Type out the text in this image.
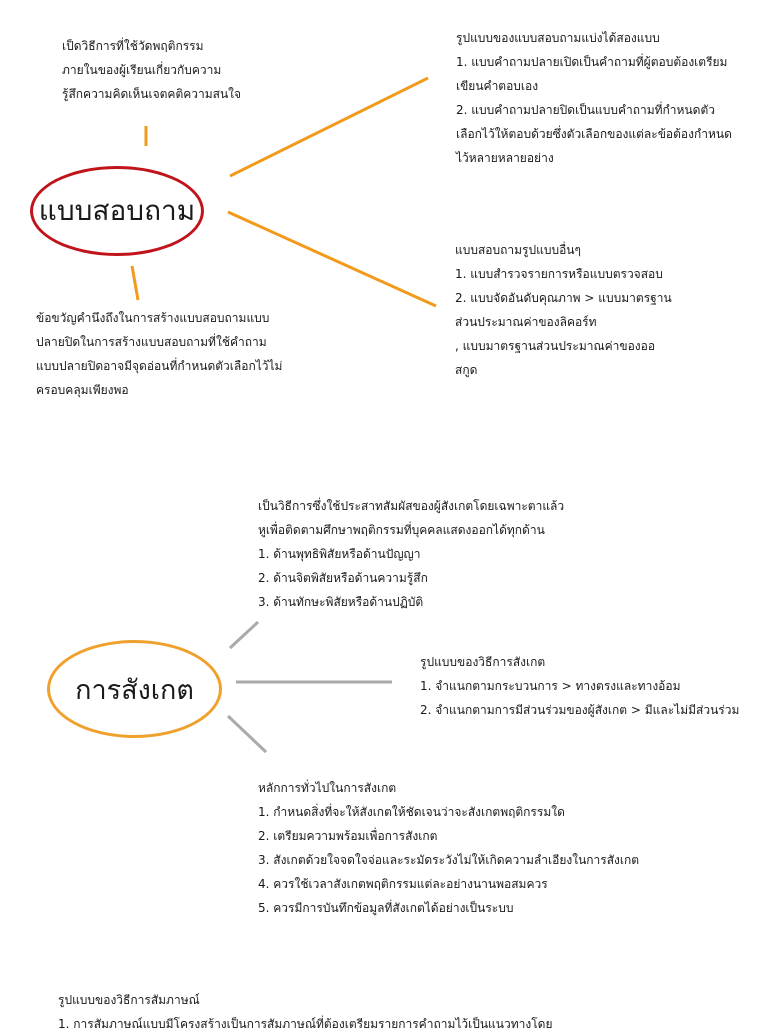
แบบสอบถาม
เป็ดวิธีการที่ใช้วัดพฤติกรรม
ภายในของผู้เรียนเกี่ยวกับความ
รู้สึกความคิดเห็นเจตคติความสนใจ
รูปแบบของแบบสอบถามแบ่งได้สองแบบ
1. แบบคำถามปลายเปิดเป็นคำถามที่ผู้ตอบต้องเตรียม
เขียนคำตอบเอง
2. แบบคำถามปลายปิดเป็นแบบคำถามที่กำหนดตัว
เลือกไว้ให้ตอบด้วยซึ่งตัวเลือกของแต่ละข้อต้องกำหนด
ไว้หลายหลายอย่าง
แบบสอบถามรูปแบบอื่นๆ
1. แบบสำรวจรายการหรือแบบตรวจสอบ
2. แบบจัดอันดับคุณภาพ > แบบมาตรฐาน
ส่วนประมาณค่าของลิคอร์ท
, แบบมาตรฐานส่วนประมาณค่าของออ
สกูด
ข้อขวัญคำนึงถึงในการสร้างแบบสอบถามแบบ
ปลายปิดในการสร้างแบบสอบถามที่ใช้คำถาม
แบบปลายปิดอาจมีจุดอ่อนที่กำหนดตัวเลือกไว้ไม่
ครอบคลุมเพียงพอ
การสังเกต
เป็นวิธีการซึ่งใช้ประสาทสัมผัสของผู้สังเกตโดยเฉพาะตาแล้ว
หูเพื่อติดตามศึกษาพฤติกรรมที่บุคคลแสดงออกได้ทุกด้าน
1. ด้านพุทธิพิสัยหรือด้านปัญญา
2. ด้านจิตพิสัยหรือด้านความรู้สึก
3. ด้านทักษะพิสัยหรือด้านปฏิบัติ
รูปแบบของวิธีการสังเกต
1. จำแนกตามกระบวนการ > ทางตรงและทางอ้อม
2. จำแนกตามการมีส่วนร่วมของผู้สังเกต > มีและไม่มีส่วนร่วม
หลักการทั่วไปในการสังเกต
1. กำหนดสิ่งที่จะให้สังเกตให้ชัดเจนว่าจะสังเกตพฤติกรรมใด
2. เตรียมความพร้อมเพื่อการสังเกต
3. สังเกตด้วยใจจดใจจ่อและระมัดระวังไม่ให้เกิดความลำเอียงในการสังเกต
4. ควรใช้เวลาสังเกตพฤติกรรมแต่ละอย่างนานพอสมควร
5. ควรมีการบันทึกข้อมูลที่สังเกตได้อย่างเป็นระบบ
รูปแบบของวิธีการสัมภาษณ์
1. การสัมภาษณ์แบบมีโครงสร้างเป็นการสัมภาษณ์ที่ต้องเตรียมรายการคำถามไว้เป็นแนวทางโดย
